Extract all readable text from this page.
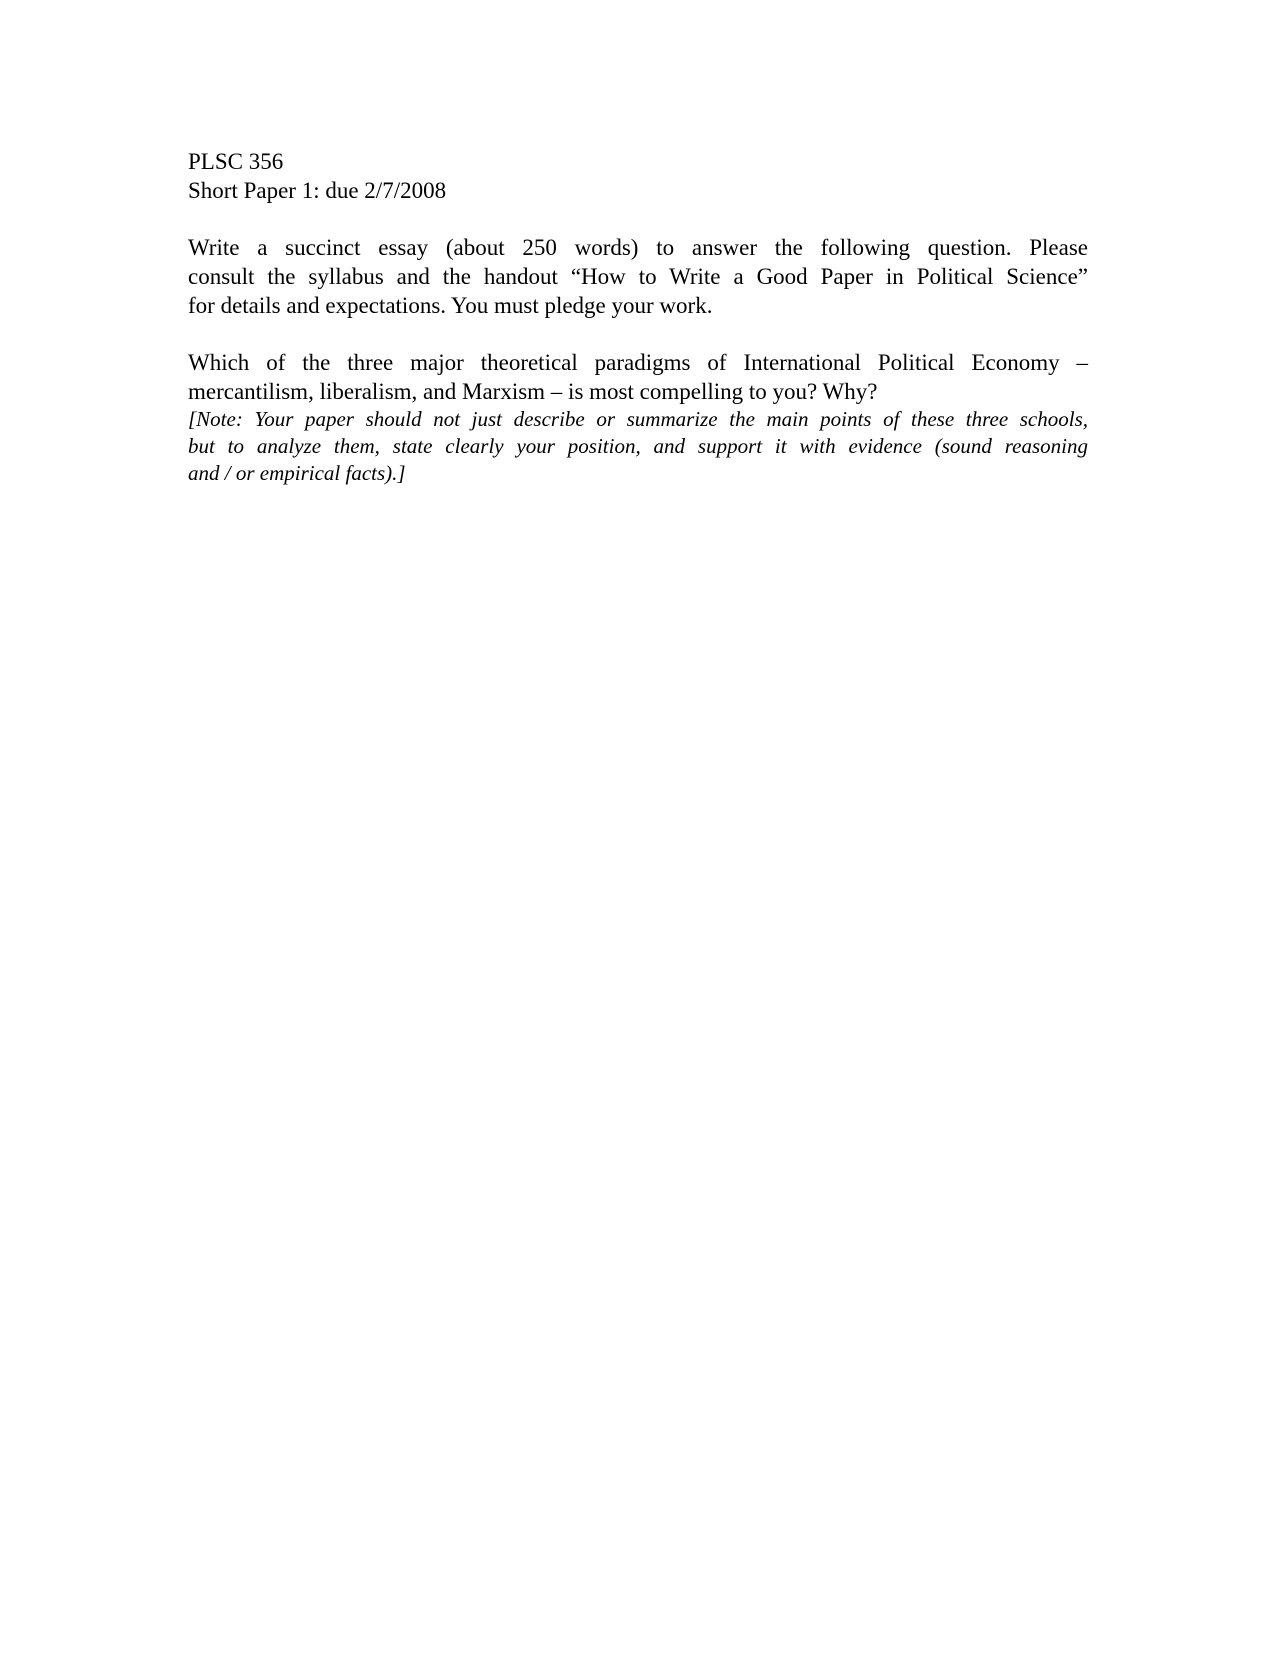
PLSC 356

Short Paper 1: due 2/7/2008

Write a succinct essay (about 250 words) to answer the following question. Please
consult the syllabus and the handout “How to Write a Good Paper in Political Science”
for details and expectations. You must pledge your work.

Which of the three major theoretical paradigms of International Political Economy –
mercantilism, liberalism, and Marxism – is most compelling to you? Why?

[Note: Your paper should not just describe or summarize the main points of these three schools,
but to analyze them, state clearly your position, and support it with evidence (sound reasoning
and / or empirical facts).]
